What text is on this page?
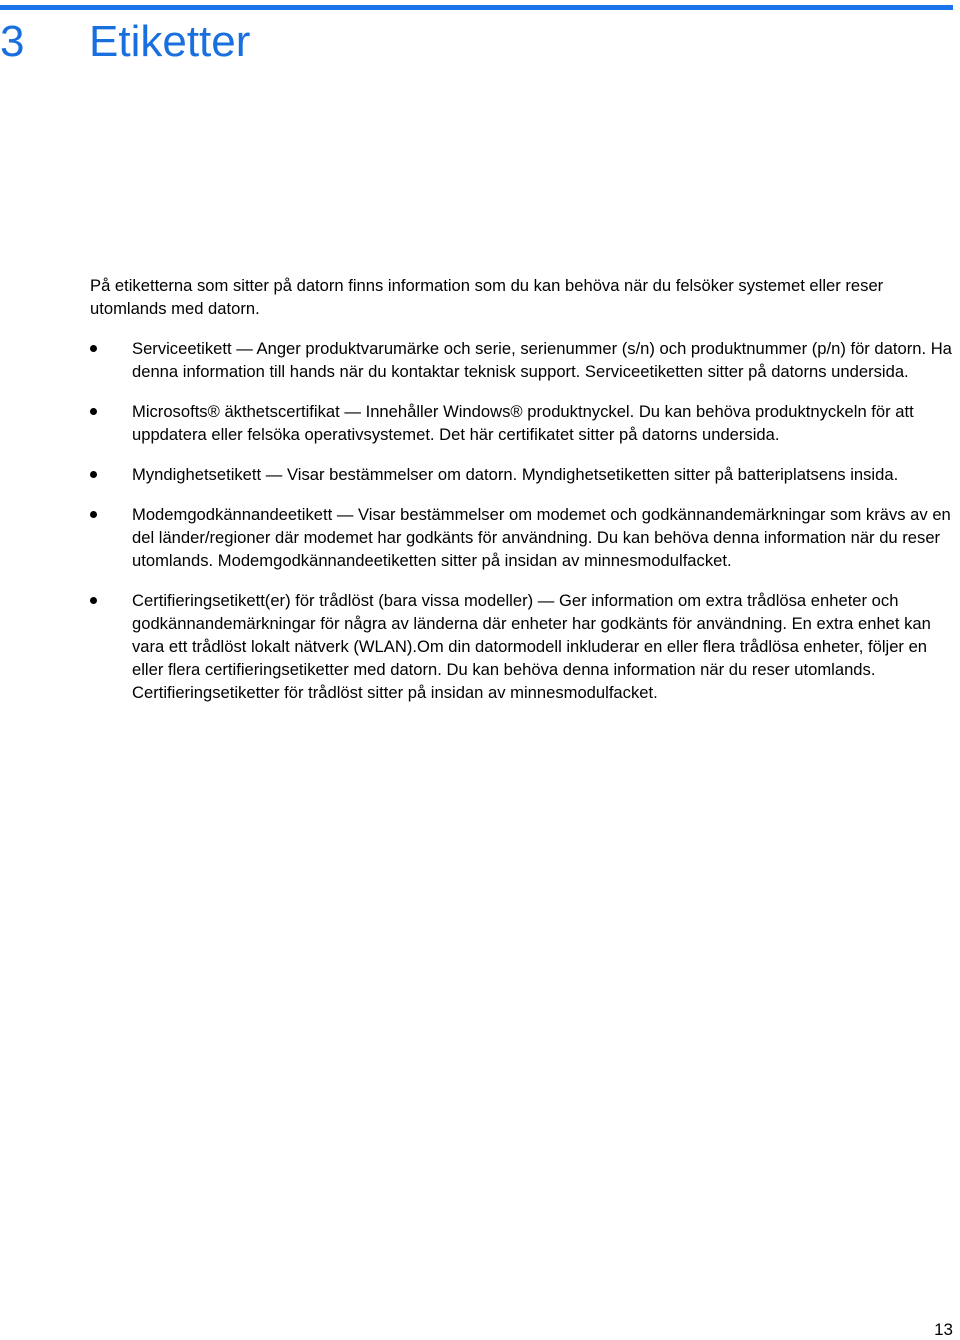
3	Etiketter

På etiketterna som sitter på datorn finns information som du kan behöva när du felsöker systemet eller reser utomlands med datorn.

Serviceetikett — Anger produktvarumärke och serie, serienummer (s/n) och produktnummer (p/n) för datorn. Ha denna information till hands när du kontaktar teknisk support. Serviceetiketten sitter på datorns undersida.
Microsofts® äkthetscertifikat — Innehåller Windows® produktnyckel. Du kan behöva produktnyckeln för att uppdatera eller felsöka operativsystemet. Det här certifikatet sitter på datorns undersida.
Myndighetsetikett — Visar bestämmelser om datorn. Myndighetsetiketten sitter på batteriplatsens insida.
Modemgodkännandeetikett — Visar bestämmelser om modemet och godkännandemärkningar som krävs av en del länder/regioner där modemet har godkänts för användning. Du kan behöva denna information när du reser utomlands. Modemgodkännandeetiketten sitter på insidan av minnesmodulfacket.
Certifieringsetikett(er) för trådlöst (bara vissa modeller) — Ger information om extra trådlösa enheter och godkännandemärkningar för några av länderna där enheter har godkänts för användning. En extra enhet kan vara ett trådlöst lokalt nätverk (WLAN).Om din datormodell inkluderar en eller flera trådlösa enheter, följer en eller flera certifieringsetiketter med datorn. Du kan behöva denna information när du reser utomlands. Certifieringsetiketter för trådlöst sitter på insidan av minnesmodulfacket.
13
